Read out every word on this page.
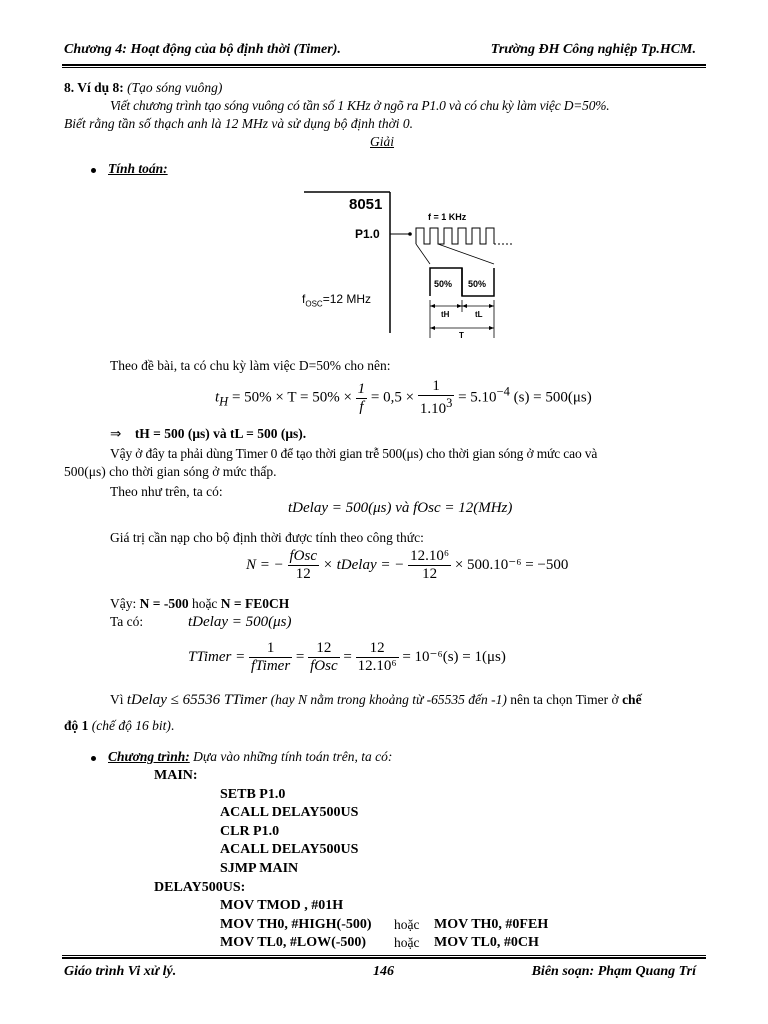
Chương 4: Hoạt động của bộ định thời (Timer).	Trường ĐH Công nghiệp Tp.HCM.
8. Ví dụ 8: (Tạo sóng vuông)
Viết chương trình tạo sóng vuông có tần số 1 KHz ở ngõ ra P1.0 và có chu kỳ làm việc D=50%.
Biết rằng tần số thạch anh là 12 MHz và sử dụng bộ định thời 0.
Giải
Tính toán:
8051
P1.0
f = 1 KHz
$f_{OSC}=12$ MHz
50% 50%
tH	tL
T
Theo đề bài, ta có chu kỳ làm việc D=50% cho nên:
$t_H = 50\% \times T = 50\% \times \frac{1}{f} = 0,5 \times \frac{1}{1.10^3} = 5.10^{-4}$ (s) = 500(μs)
⇒ tH = 500 (μs) và tL = 500 (μs).
Vậy ở đây ta phải dùng Timer 0 để tạo thời gian trễ 500(μs) cho thời gian sóng ở mức cao và
500(μs) cho thời gian sóng ở mức thấp.
Theo như trên, ta có:
tDelay = 500(μs) và fOsc = 12(MHz)
Giá trị cần nạp cho bộ định thời được tính theo công thức:
N = − $\frac{\text{fOsc}}{12}$ × tDelay = − $\frac{\text{12.10⁶}}{12} \times 500.10^{-6} = -500$
Vậy: N = -500 hoặc N = FE0CH
Ta có:	tDelay = 500(μs)
TTimer = $\frac{1}{\text{fTimer}} = \frac{12}{\text{fOsc}} = \frac{12}{\text{12.10⁶}} = 10^{-6}(s) = 1(\mu s)$
Vì tDelay ≤ 65536 TTimer (hay N nằm trong khoảng từ -65535 đến -1) nên ta chọn Timer ở chế
độ 1 (chế độ 16 bit).
Chương trình: Dựa vào những tính toán trên, ta có:
MAIN:
SETB P1.0
ACALL DELAY500US
CLR P1.0
ACALL DELAY500US
SJMP MAIN
DELAY500US:
MOV TMOD , #01H
MOV TH0, #HIGH(-500) hoặc MOV TH0, #0FEH
MOV TL0, #LOW(-500) hoặc MOV TL0, #0CH
Giáo trình Vi xử lý.	146	Biên soạn: Phạm Quang Trí
